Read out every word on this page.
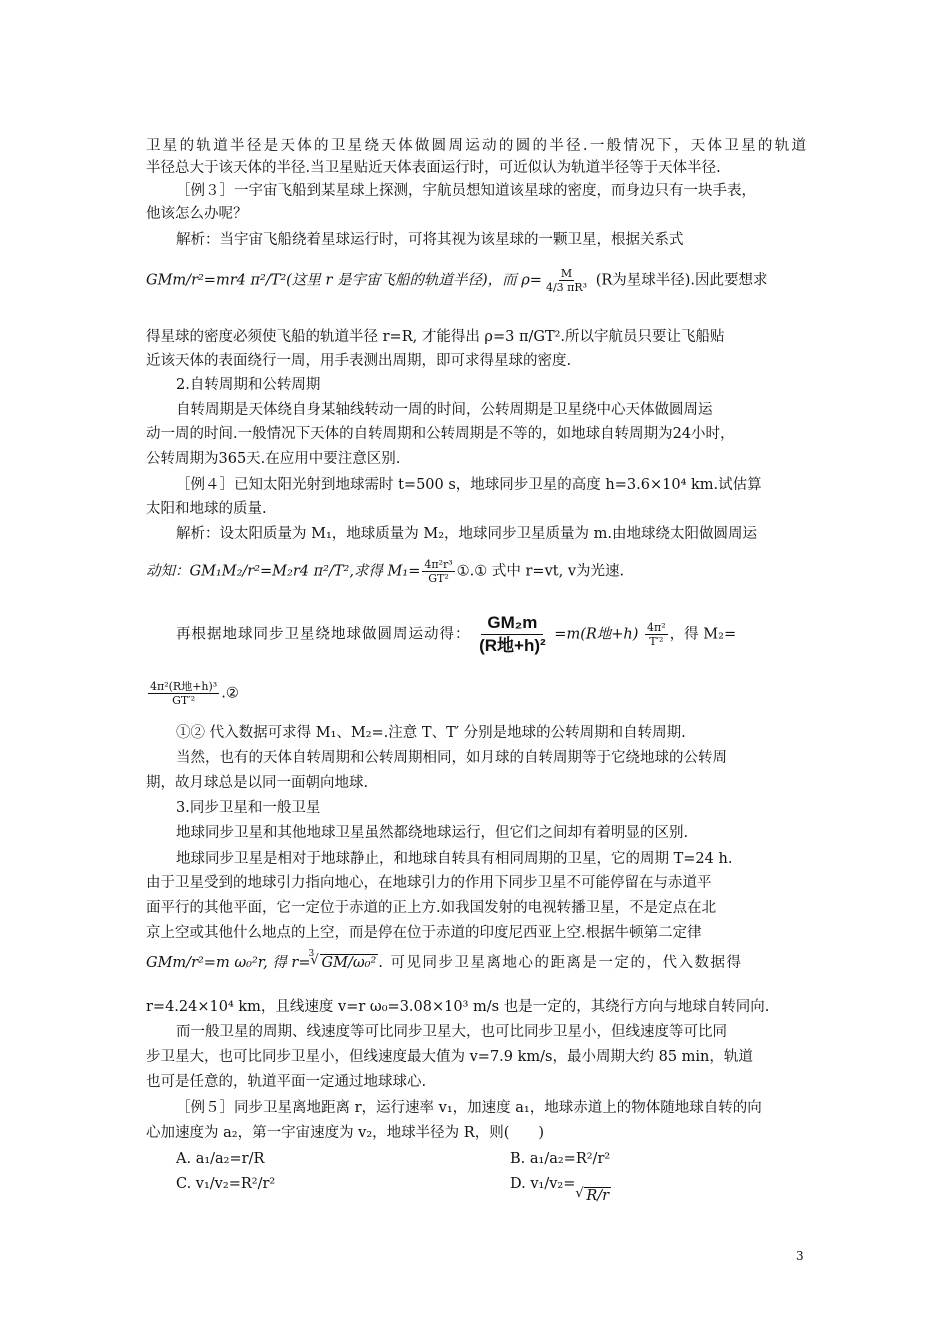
卫星的轨道半径是天体的卫星绕天体做圆周运动的圆的半径.一般情况下，天体卫星的轨道
半径总大于该天体的半径.当卫星贴近天体表面运行时，可近似认为轨道半径等于天体半径.
［例３］一宇宙飞船到某星球上探测，宇航员想知道该星球的密度，而身边只有一块手表，
他该怎么办呢？
解析：当宇宙飞船绕着星球运行时，可将其视为该星球的一颗卫星，根据关系式
GMm/r²=mr4 π²/T²(这里 r 是宇宙飞船的轨道半径)，而 $\rho= \frac{M}{\text{4/3 πR³}} (R$为星球半径).因此要想求
得星球的密度必须使飞船的轨道半径 r=R, 才能得出 ρ=3 π/GT².所以宇航员只要让飞船贴
近该天体的表面绕行一周，用手表测出周期，即可求得星球的密度.
2.自转周期和公转周期
自转周期是天体绕自身某轴线转动一周的时间，公转周期是卫星绕中心天体做圆周运
动一周的时间.一般情况下天体的自转周期和公转周期是不等的，如地球自转周期为24小时，
公转周期为365天.在应用中要注意区别.
［例４］已知太阳光射到地球需时 t=500 s，地球同步卫星的高度 h=3.6×10⁴ km.试估算
太阳和地球的质量.
解析：设太阳质量为 M₁，地球质量为 M₂，地球同步卫星质量为 m.由地球绕太阳做圆周运
动知：GM₁M₂/r²=M₂r4 π²/T²,求得 $M_1= \frac{\text{4π²r³}}{\text{GT²}}$ ①.① 式中 r=vt, v为光速.
再根据地球同步卫星绕地球做圆周运动得： $\frac{\text{GM₂m}}{\text{(R地+h)²}} =m(R$地$+h) \frac{\text{4π²}}{\text{T′²}}$ ，得 M₂=
$\frac{\text{4π²(R地+h)³}}{\text{GT′²}}$ .②
①② 代入数据可求得 M₁、M₂=.注意 T、T′ 分别是地球的公转周期和自转周期.
当然，也有的天体自转周期和公转周期相同，如月球的自转周期等于它绕地球的公转周
期，故月球总是以同一面朝向地球.
3.同步卫星和一般卫星
地球同步卫星和其他地球卫星虽然都绕地球运行，但它们之间却有着明显的区别.
地球同步卫星是相对于地球静止，和地球自转具有相同周期的卫星，它的周期 T=24 h.
由于卫星受到的地球引力指向地心，在地球引力的作用下同步卫星不可能停留在与赤道平
面平行的其他平面，它一定位于赤道的正上方.如我国发射的电视转播卫星，不是定点在北
京上空或其他什么地点的上空，而是停在位于赤道的印度尼西亚上空.根据牛顿第二定律
GMm/r²=m ω₀²r, 得 r=
√ 3
GM/ω₀² . 可见同步卫星离地心的距离是一定的，代入数据得
r=4.24×10⁴ km，且线速度 v=r ω₀=3.08×10³ m/s 也是一定的，其绕行方向与地球自转同向.
而一般卫星的周期、线速度等可比同步卫星大，也可比同步卫星小，但线速度等可比同
步卫星大，也可比同步卫星小，但线速度最大值为 v=7.9 km/s，最小周期大约 85 min，轨道
也可是任意的，轨道平面一定通过地球球心.
［例５］同步卫星离地距离 r，运行速率 v₁，加速度 a₁，地球赤道上的物体随地球自转的向
心加速度为 a₂，第一宇宙速度为 v₂，地球半径为 R，则(　　)
A. a₁/a₂=r/R	B. a₁/a₂=R²/r²
C. v₁/v₂=R²/r²	D. v₁/v₂=√ R/r
3
